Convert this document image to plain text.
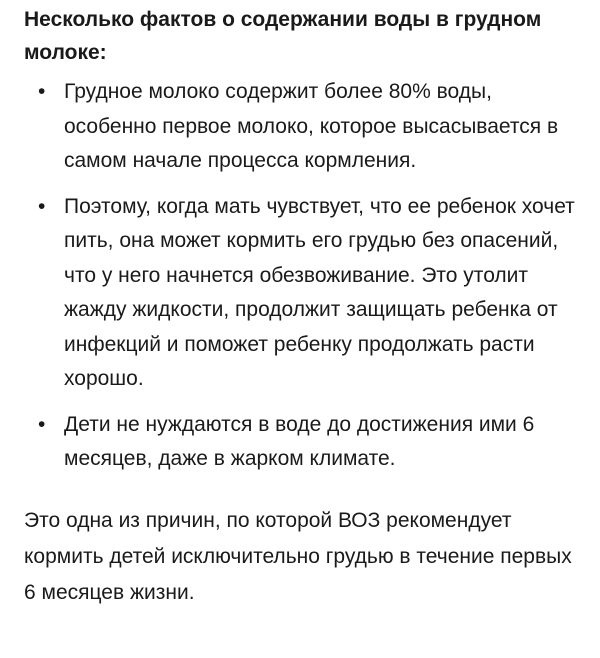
Несколько фактов о содержании воды в грудном молоке:
• Грудное молоко содержит более 80% воды, особенно первое молоко, которое высасывается в самом начале процесса кормления.
• Поэтому, когда мать чувствует, что ее ребенок хочет пить, она может кормить его грудью без опасений, что у него начнется обезвоживание. Это утолит жажду жидкости, продолжит защищать ребенка от инфекций и поможет ребенку продолжать расти хорошо.
• Дети не нуждаются в воде до достижения ими 6 месяцев, даже в жарком климате.

Это одна из причин, по которой ВОЗ рекомендует кормить детей исключительно грудью в течение первых 6 месяцев жизни.
